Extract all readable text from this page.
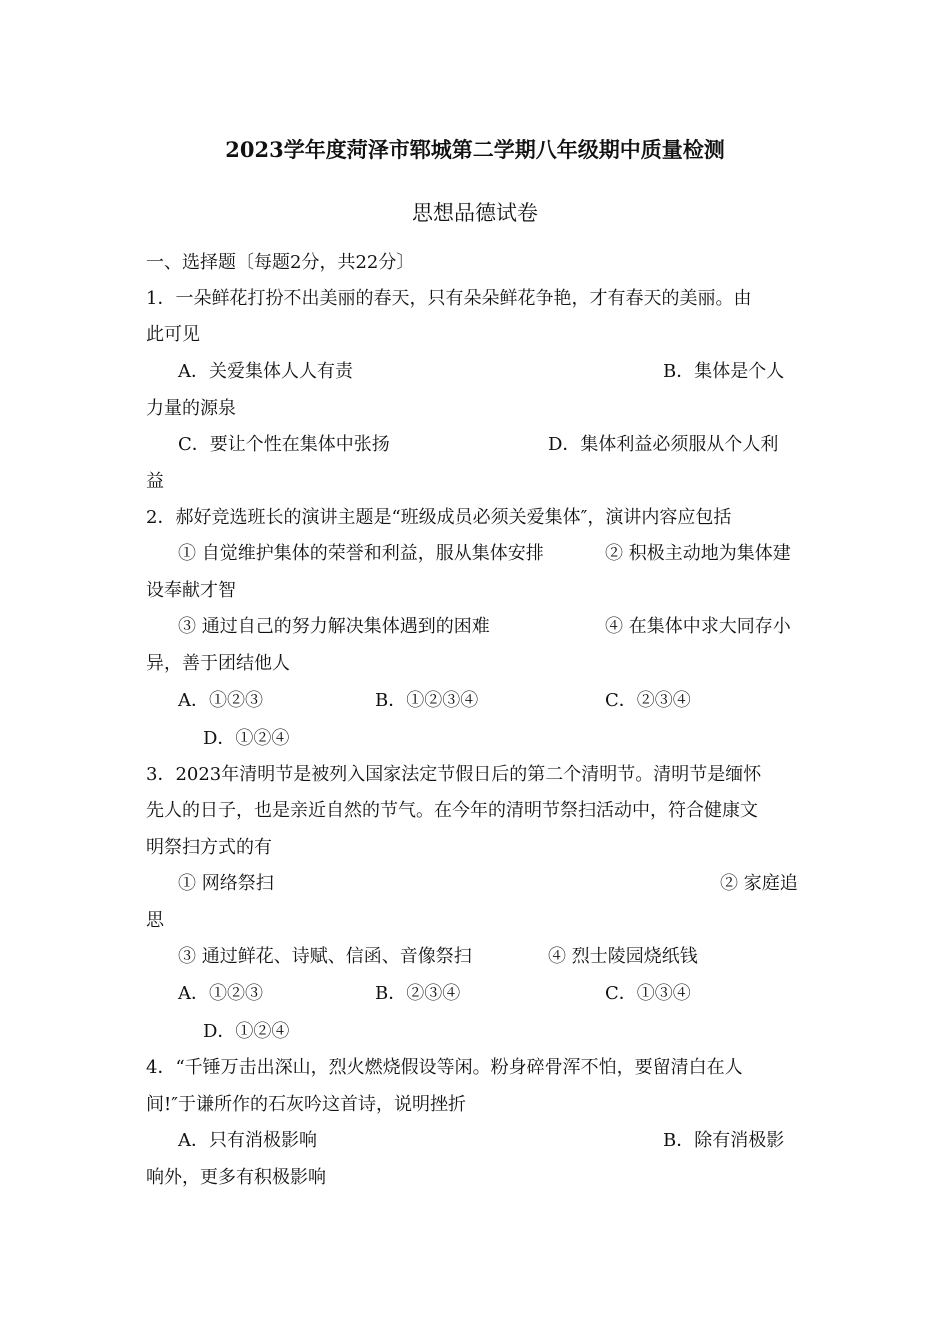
2023学年度菏泽市郓城第二学期八年级期中质量检测
思想品德试卷
一、选择题〔每题2分，共22分〕
1．一朵鲜花打扮不出美丽的春天，只有朵朵鲜花争艳，才有春天的美丽。由
此可见
A．关爱集体人人有责	B．集体是个人
力量的源泉
C．要让个性在集体中张扬	D．集体利益必须服从个人利
益
2．郝好竞选班长的演讲主题是“班级成员必须关爱集体″，演讲内容应包括
① 自觉维护集体的荣誉和利益，服从集体安排	② 积极主动地为集体建
设奉献才智
③ 通过自己的努力解决集体遇到的困难	④ 在集体中求大同存小
异，善于团结他人
A．①②③	B．①②③④	C．②③④
D．①②④
3．2023年清明节是被列入国家法定节假日后的第二个清明节。清明节是缅怀
先人的日子，也是亲近自然的节气。在今年的清明节祭扫活动中，符合健康文
明祭扫方式的有
① 网络祭扫	② 家庭追
思
③ 通过鲜花、诗赋、信函、音像祭扫	④ 烈士陵园烧纸钱
A．①②③	B．②③④	C．①③④
D．①②④
4．“千锤万击出深山，烈火燃烧假设等闲。粉身碎骨浑不怕，要留清白在人
间!″于谦所作的石灰吟这首诗，说明挫折
A．只有消极影响	B．除有消极影
响外，更多有积极影响
